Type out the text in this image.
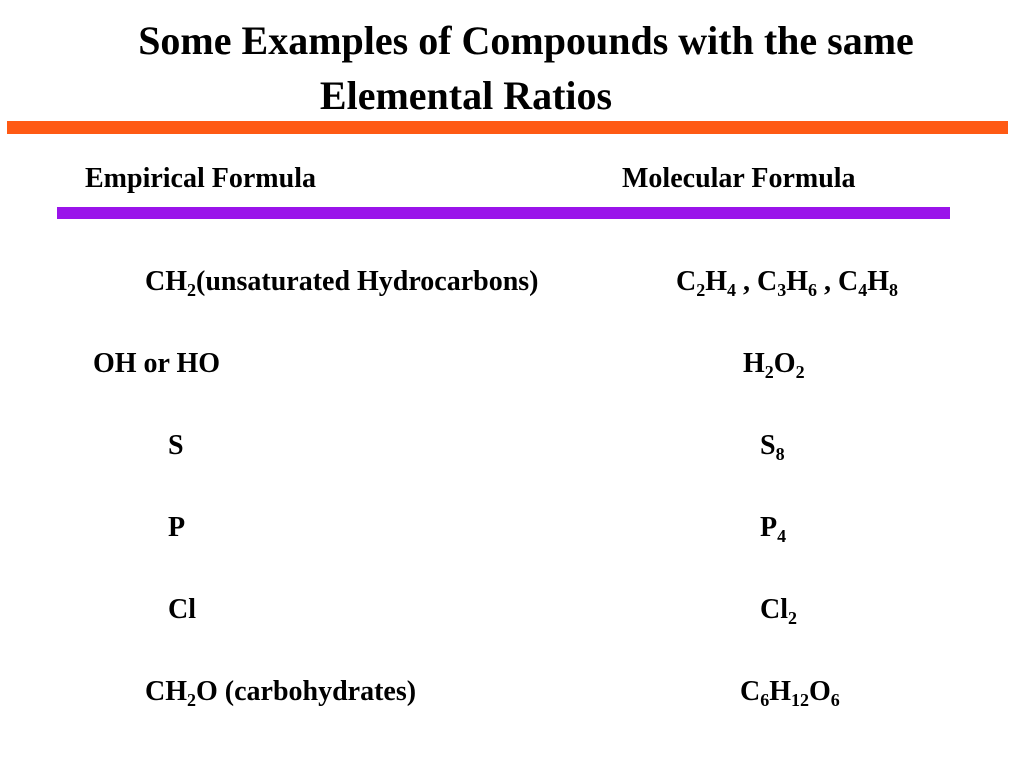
Some Examples of Compounds with the same
Elemental Ratios
Empirical Formula	Molecular Formula
$CH_2(unsaturated$ Hydrocarbons)	$C_2H_4$ , $C_3H_6$ , $C_4H_8$
OH or HO	$H_2O_2$
S	$S_8$
P	$P_4$
Cl	$Cl_2$
$CH_2O$ (carbohydrates)	$C_6H_{12}O_6$
